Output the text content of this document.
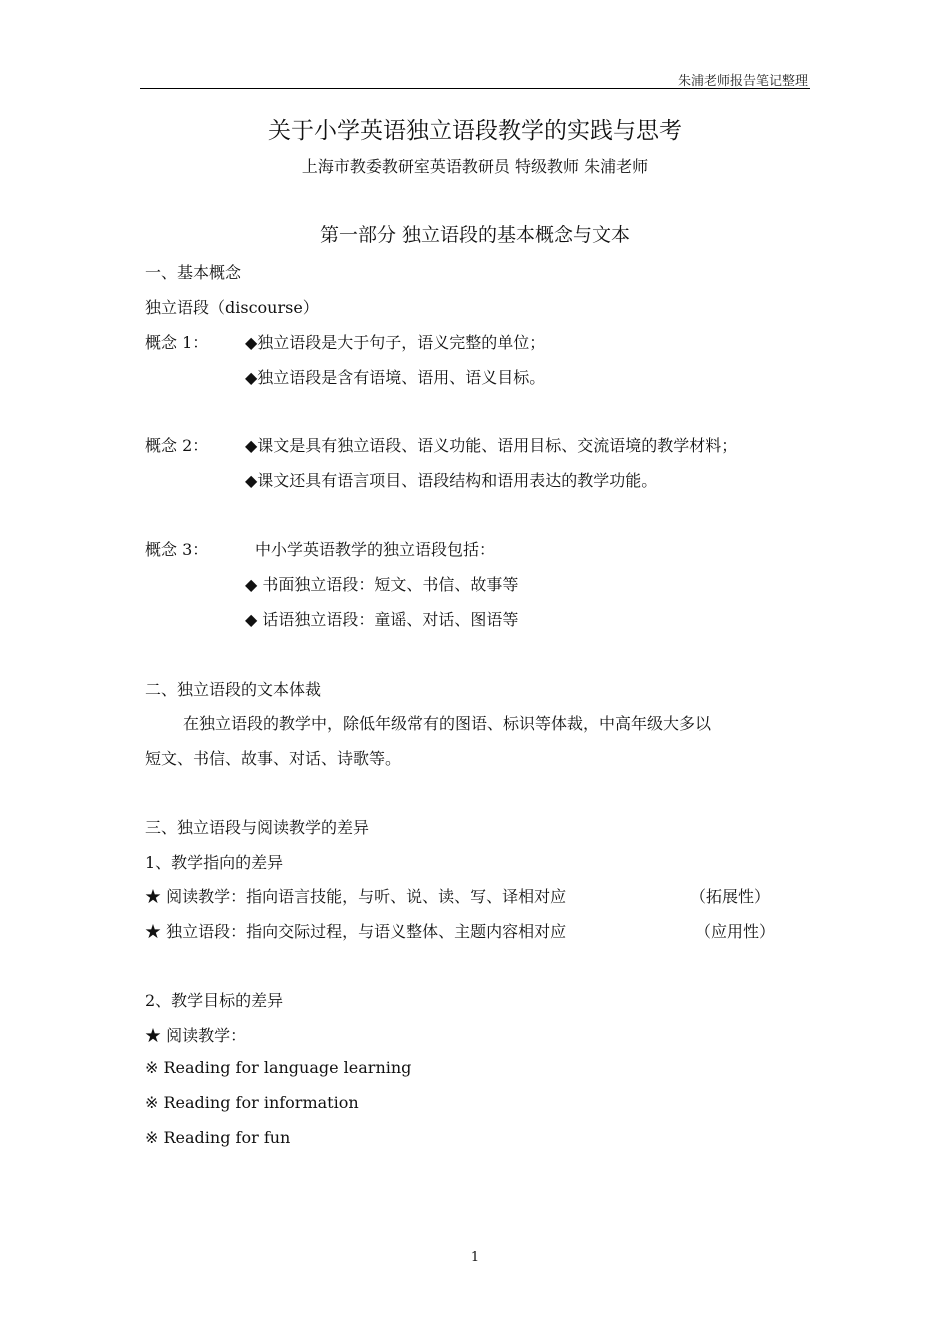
朱浦老师报告笔记整理
关于小学英语独立语段教学的实践与思考
上海市教委教研室英语教研员 特级教师 朱浦老师
第一部分 独立语段的基本概念与文本
一、基本概念
独立语段（discourse）
概念 1： ◆独立语段是大于句子，语义完整的单位；
◆独立语段是含有语境、语用、语义目标。
概念 2： ◆课文是具有独立语段、语义功能、语用目标、交流语境的教学材料；
◆课文还具有语言项目、语段结构和语用表达的教学功能。
概念 3：	中小学英语教学的独立语段包括：
◆ 书面独立语段：短文、书信、故事等
◆ 话语独立语段：童谣、对话、图语等
二、独立语段的文本体裁
在独立语段的教学中，除低年级常有的图语、标识等体裁，中高年级大多以
短文、书信、故事、对话、诗歌等。
三、独立语段与阅读教学的差异
1、教学指向的差异
★ 阅读教学：指向语言技能，与听、说、读、写、译相对应	（拓展性）
★ 独立语段：指向交际过程，与语义整体、主题内容相对应	（应用性）
2、教学目标的差异
★ 阅读教学：
※ Reading for language learning
※ Reading for information
※ Reading for fun
1
